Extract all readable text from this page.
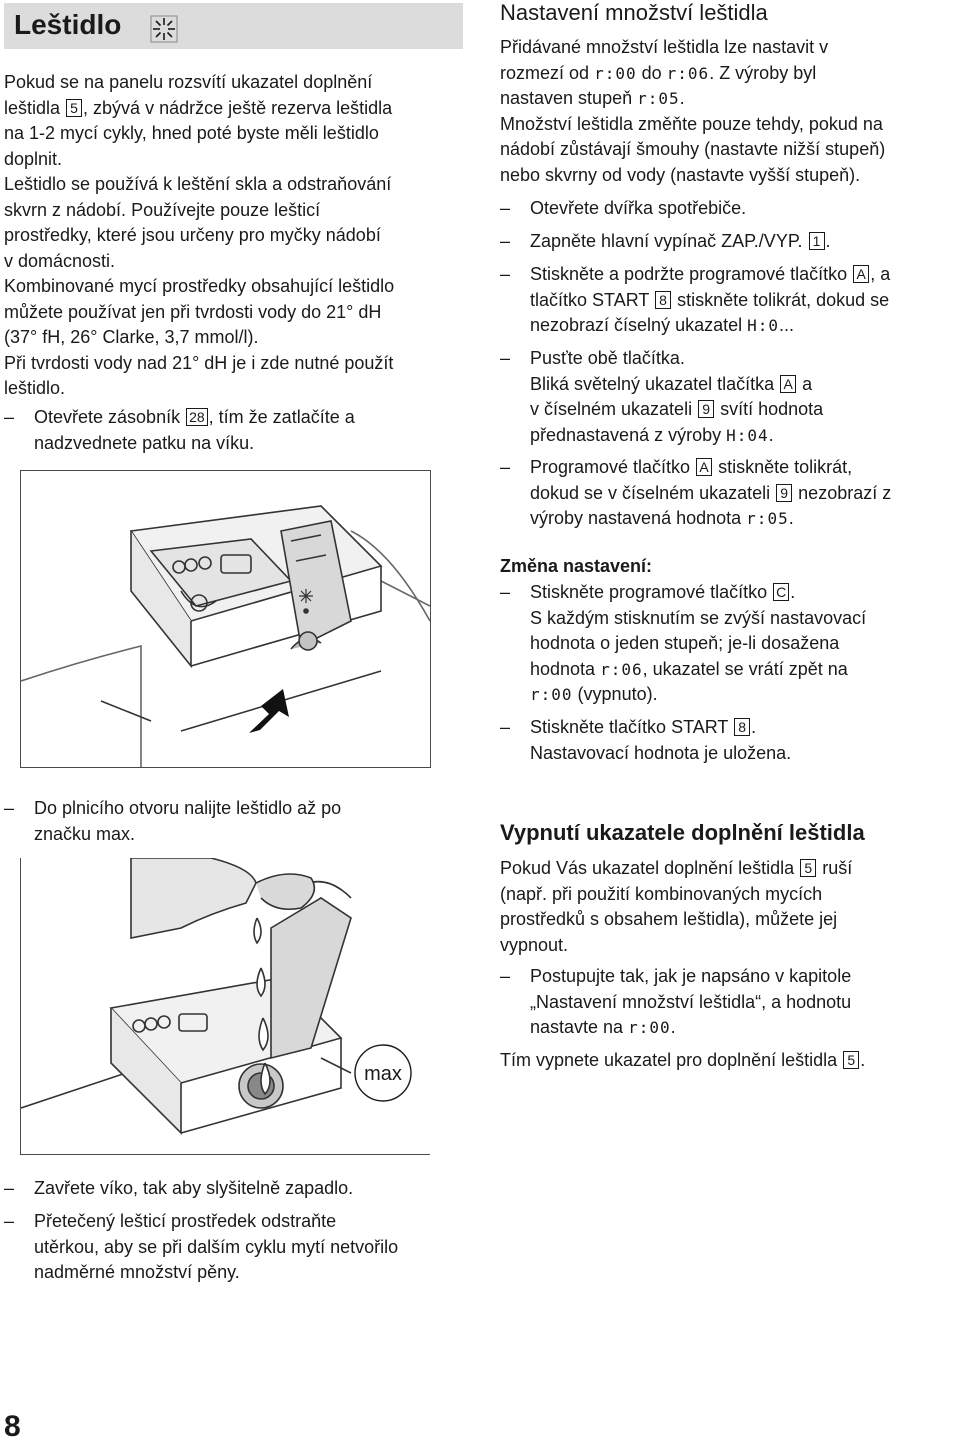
Leštidlo
Pokud se na panelu rozsvítí ukazatel doplnění
leštidla 5 , zbývá v nádržce ještě rezerva leštidla
na 1-2 mycí cykly, hned poté byste měli leštidlo
doplnit.
Leštidlo se používá k leštění skla a odstraňování
skvrn z nádobí. Používejte pouze lešticí
prostředky, které jsou určeny pro myčky nádobí
v domácnosti.
Kombinované mycí prostředky obsahující leštidlo
můžete používat jen při tvrdosti vody do 21° dH
(37° fH, 26° Clarke, 3,7 mmol/l).
Při tvrdosti vody nad 21° dH je i zde nutné použít
leštidlo.
– Otevřete zásobník 28 , tím že zatlačíte a
nadzvednete patku na víku.
– Do plnicího otvoru nalijte leštidlo až po
značku max.
max
– Zavřete víko, tak aby slyšitelně zapadlo.
– Přetečený lešticí prostředek odstraňte
utěrkou, aby se při dalším cyklu mytí netvořilo
nadměrné množství pěny.
8
Nastavení množství leštidla
Přidávané množství leštidla lze nastavit v
rozmezí od r:00 do r:06. Z výroby byl
nastaven stupeň r:05.
Množství leštidla změňte pouze tehdy, pokud na
nádobí zůstávají šmouhy (nastavte nižší stupeň)
nebo skvrny od vody (nastavte vyšší stupeň).
– Otevřete dvířka spotřebiče.
– Zapněte hlavní vypínač ZAP./VYP. 1 .
– Stiskněte a podržte programové tlačítko A , a
tlačítko START 8 stiskněte tolikrát, dokud se
nezobrazí číselný ukazatel H:0...
– Pusťte obě tlačítka.
Bliká světelný ukazatel tlačítka A a
v číselném ukazateli 9 svítí hodnota
přednastavená z výroby H:04.
– Programové tlačítko A stiskněte tolikrát,
dokud se v číselném ukazateli 9 nezobrazí z
výroby nastavená hodnota r:05.
Změna nastavení:
– Stiskněte programové tlačítko C .
S každým stisknutím se zvýší nastavovací
hodnota o jeden stupeň; je-li dosažena
hodnota r:06, ukazatel se vrátí zpět na
r:00 (vypnuto).
– Stiskněte tlačítko START 8 .
Nastavovací hodnota je uložena.
Vypnutí ukazatele doplnění leštidla
Pokud Vás ukazatel doplnění leštidla 5 ruší
(např. při použití kombinovaných mycích
prostředků s obsahem leštidla), můžete jej
vypnout.
– Postupujte tak, jak je napsáno v kapitole
„Nastavení množství leštidla“, a hodnotu
nastavte na r:00.
Tím vypnete ukazatel pro doplnění leštidla 5 .
